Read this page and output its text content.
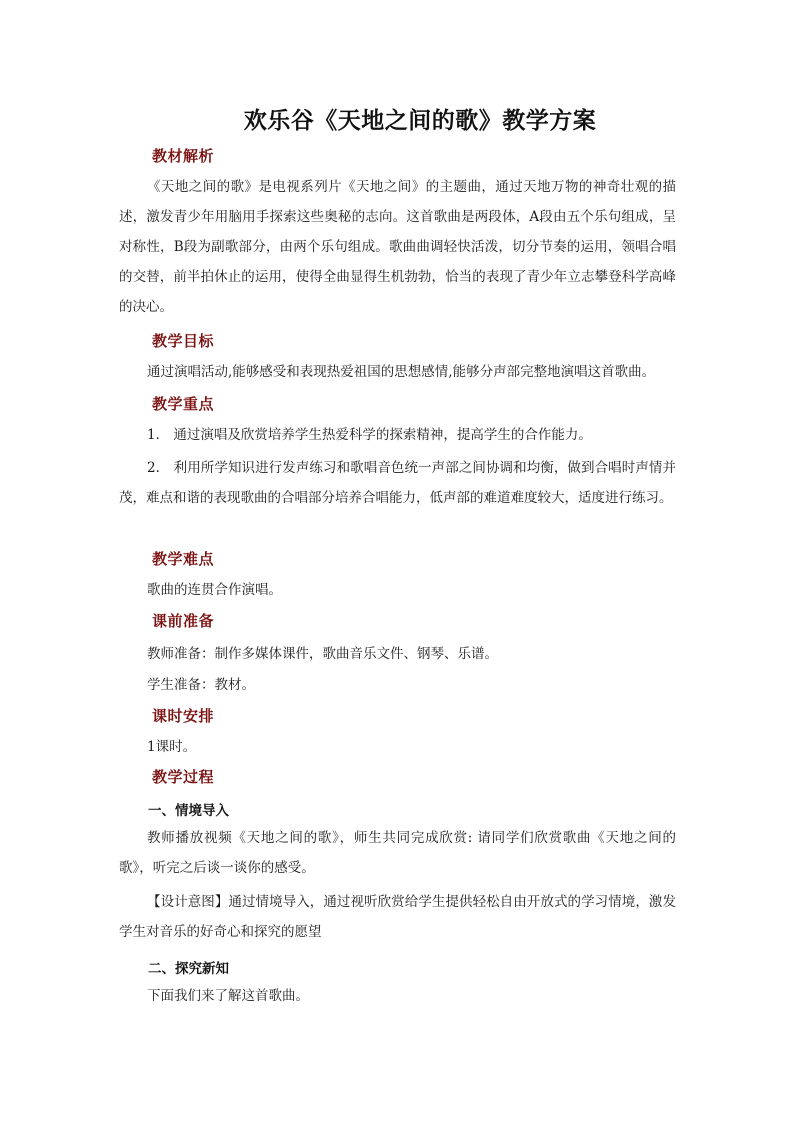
欢乐谷《天地之间的歌》教学方案
教材解析
《天地之间的歌》是电视系列片《天地之间》的主题曲，通过天地万物的神奇壮观的描述，激发青少年用脑用手探索这些奥秘的志向。这首歌曲是两段体，A段由五个乐句组成，呈对称性，B段为副歌部分，由两个乐句组成。歌曲曲调轻快活泼，切分节奏的运用，领唱合唱的交替，前半拍休止的运用，使得全曲显得生机勃勃，恰当的表现了青少年立志攀登科学高峰的决心。
教学目标
通过演唱活动,能够感受和表现热爱祖国的思想感情,能够分声部完整地演唱这首歌曲。
教学重点
1． 通过演唱及欣赏培养学生热爱科学的探索精神，提高学生的合作能力。
2． 利用所学知识进行发声练习和歌唱音色统一声部之间协调和均衡，做到合唱时声情并茂，难点和谐的表现歌曲的合唱部分培养合唱能力，低声部的难道难度较大，适度进行练习。
教学难点
歌曲的连贯合作演唱。
课前准备
教师准备：制作多媒体课件，歌曲音乐文件、钢琴、乐谱。
学生准备：教材。
课时安排
1课时。
教学过程
一、情境导入
教师播放视频《天地之间的歌》，师生共同完成欣赏: 请同学们欣赏歌曲《天地之间的歌》，听完之后谈一谈你的感受。
【设计意图】通过情境导入，通过视听欣赏给学生提供轻松自由开放式的学习情境，激发学生对音乐的好奇心和探究的愿望
二、探究新知
下面我们来了解这首歌曲。
